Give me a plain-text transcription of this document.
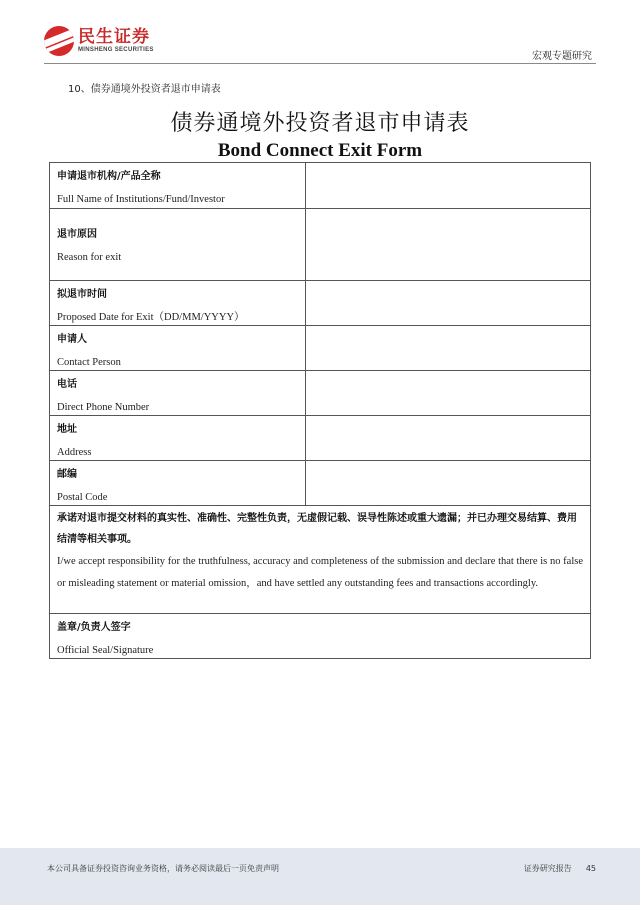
民生证券
MINSHENG SECURITIES
宏观专题研究
10、债券通境外投资者退市申请表
债券通境外投资者退市申请表
Bond Connect Exit Form
申请退市机构/产品全称
Full Name of Institutions/Fund/Investor	

退市原因
Reason for exit	

拟退市时间
Proposed Date for Exit（DD/MM/YYYY）	

申请人
Contact Person	

电话
Direct Phone Number	

地址
Address	

邮编
Postal Code	

承诺对退市提交材料的真实性、准确性、完整性负责，无虚假记载、误导性陈述或重大遗漏；并已办理交易结算、费用结清等相关事项。
I/we accept responsibility for the truthfulness, accuracy and completeness of the submission and declare that there is no false or misleading statement or material omission，and have settled any outstanding fees and transactions accordingly.	

盖章/负责人签字
Official Seal/Signature	
本公司具备证券投资咨询业务资格，请务必阅读最后一页免责声明	证券研究报告 45
